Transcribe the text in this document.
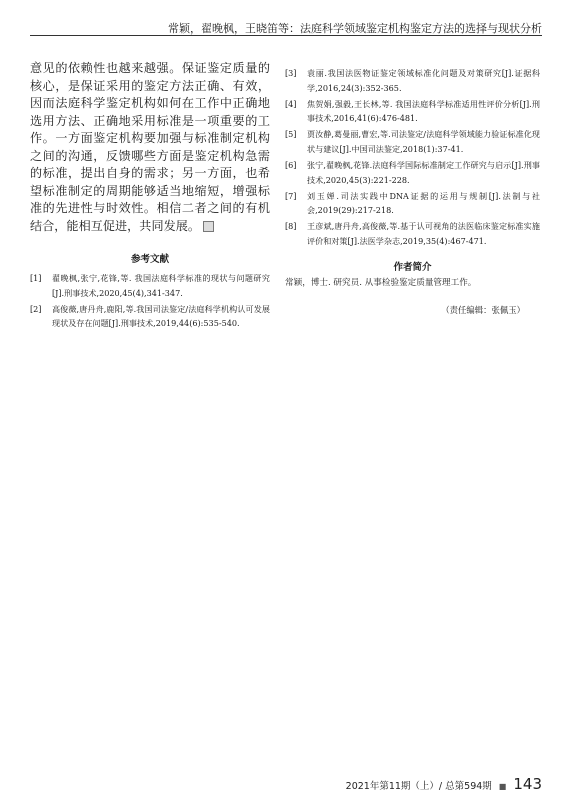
常颖，翟晚枫，王晓笛等：法庭科学领域鉴定机构鉴定方法的选择与现状分析

意见的依赖性也越来越强。保证鉴定质量的核心，是保证采用的鉴定方法正确、有效，因而法庭科学鉴定机构如何在工作中正确地选用方法、正确地采用标准是一项重要的工作。一方面鉴定机构要加强与标准制定机构之间的沟通，反馈哪些方面是鉴定机构急需的标准，提出自身的需求；另一方面，也希望标准制定的周期能够适当地缩短，增强标准的先进性与时效性。相信二者之间的有机结合，能相互促进，共同发展。

参考文献

[1]	翟晚枫,张宁,花锋,等. 我国法庭科学标准的现状与问题研究[J].刑事技术,2020,45(4),341-347.
[2]	高俊薇,唐丹舟,鹿阳,等.我国司法鉴定/法庭科学机构认可发展现状及存在问题[J].刑事技术,2019,44(6):535-540.
[3]	袁丽.我国法医物证鉴定领域标准化问题及对策研究[J].证据科学,2016,24(3):352-365.
[4]	焦贺娟,强毅,王长林,等. 我国法庭科学标准适用性评价分析[J].刑事技术,2016,41(6):476-481.
[5]	贾汝静,葛曼丽,曹宏,等.司法鉴定/法庭科学领域能力验证标准化现状与建议[J].中国司法鉴定,2018(1):37-41.
[6]	张宁,翟晚枫,花锋.法庭科学国际标准制定工作研究与启示[J].刑事技术,2020,45(3):221-228.
[7]	刘玉婵.司法实践中DNA证据的运用与规制[J].法制与社会,2019(29):217-218.
[8]	王彦斌,唐丹舟,高俊薇,等.基于认可视角的法医临床鉴定标准实施评价和对策[J].法医学杂志,2019,35(4):467-471.

作者简介

常颖，博士. 研究员. 从事检验鉴定质量管理工作。

（责任编辑：张佩玉）

2021年第11期（上）/ 总第594期 ■ 143
